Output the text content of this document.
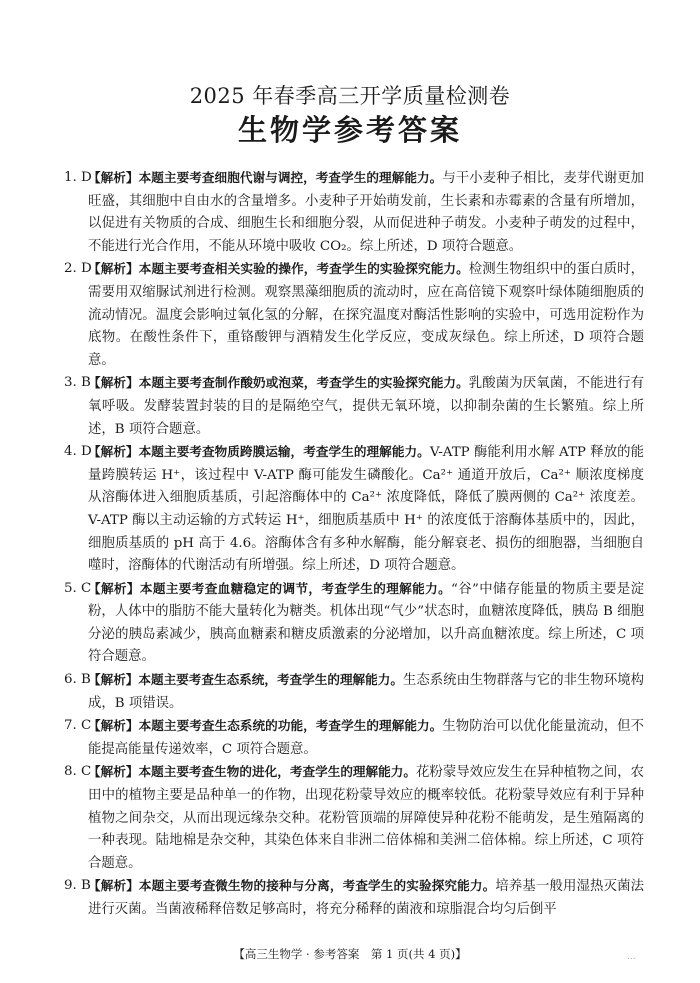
2025 年春季高三开学质量检测卷
生物学参考答案
1. D
【解析】本题主要考查细胞代谢与调控，考查学生的理解能力。与干小麦种子相比，麦芽代谢更加旺盛，其细胞中自由水的含量增多。小麦种子开始萌发前，生长素和赤霉素的含量有所增加，以促进有关物质的合成、细胞生长和细胞分裂，从而促进种子萌发。小麦种子萌发的过程中，不能进行光合作用，不能从环境中吸收 CO₂。综上所述，D 项符合题意。
2. D
【解析】本题主要考查相关实验的操作，考查学生的实验探究能力。检测生物组织中的蛋白质时，需要用双缩脲试剂进行检测。观察黑藻细胞质的流动时，应在高倍镜下观察叶绿体随细胞质的流动情况。温度会影响过氧化氢的分解，在探究温度对酶活性影响的实验中，可选用淀粉作为底物。在酸性条件下，重铬酸钾与酒精发生化学反应，变成灰绿色。综上所述，D 项符合题意。
3. B
【解析】本题主要考查制作酸奶或泡菜，考查学生的实验探究能力。乳酸菌为厌氧菌，不能进行有氧呼吸。发酵装置封装的目的是隔绝空气，提供无氧环境，以抑制杂菌的生长繁殖。综上所述，B 项符合题意。
4. D
【解析】本题主要考查物质跨膜运输，考查学生的理解能力。V-ATP 酶能利用水解 ATP 释放的能量跨膜转运 H⁺，该过程中 V-ATP 酶可能发生磷酸化。Ca²⁺ 通道开放后，Ca²⁺ 顺浓度梯度从溶酶体进入细胞质基质，引起溶酶体中的 Ca²⁺ 浓度降低，降低了膜两侧的 Ca²⁺ 浓度差。V-ATP 酶以主动运输的方式转运 H⁺，细胞质基质中 H⁺ 的浓度低于溶酶体基质中的，因此，细胞质基质的 pH 高于 4.6。溶酶体含有多种水解酶，能分解衰老、损伤的细胞器，当细胞自噬时，溶酶体的代谢活动有所增强。综上所述，D 项符合题意。
5. C
【解析】本题主要考查血糖稳定的调节，考查学生的理解能力。“谷”中储存能量的物质主要是淀粉，人体中的脂肪不能大量转化为糖类。机体出现“气少”状态时，血糖浓度降低，胰岛 B 细胞分泌的胰岛素减少，胰高血糖素和糖皮质激素的分泌增加，以升高血糖浓度。综上所述，C 项符合题意。
6. B
【解析】本题主要考查生态系统，考查学生的理解能力。生态系统由生物群落与它的非生物环境构成，B 项错误。
7. C
【解析】本题主要考查生态系统的功能，考查学生的理解能力。生物防治可以优化能量流动，但不能提高能量传递效率，C 项符合题意。
8. C
【解析】本题主要考查生物的进化，考查学生的理解能力。花粉蒙导效应发生在异种植物之间，农田中的植物主要是品种单一的作物，出现花粉蒙导效应的概率较低。花粉蒙导效应有利于异种植物之间杂交，从而出现远缘杂交种。花粉管顶端的屏障使异种花粉不能萌发，是生殖隔离的一种表现。陆地棉是杂交种，其染色体来自非洲二倍体棉和美洲二倍体棉。综上所述，C 项符合题意。
9. B
【解析】本题主要考查微生物的接种与分离，考查学生的实验探究能力。培养基一般用湿热灭菌法进行灭菌。当菌液稀释倍数足够高时，将充分稀释的菌液和琼脂混合均匀后倒平
【高三生物学 · 参考答案　第 1 页(共 4 页)】	...
